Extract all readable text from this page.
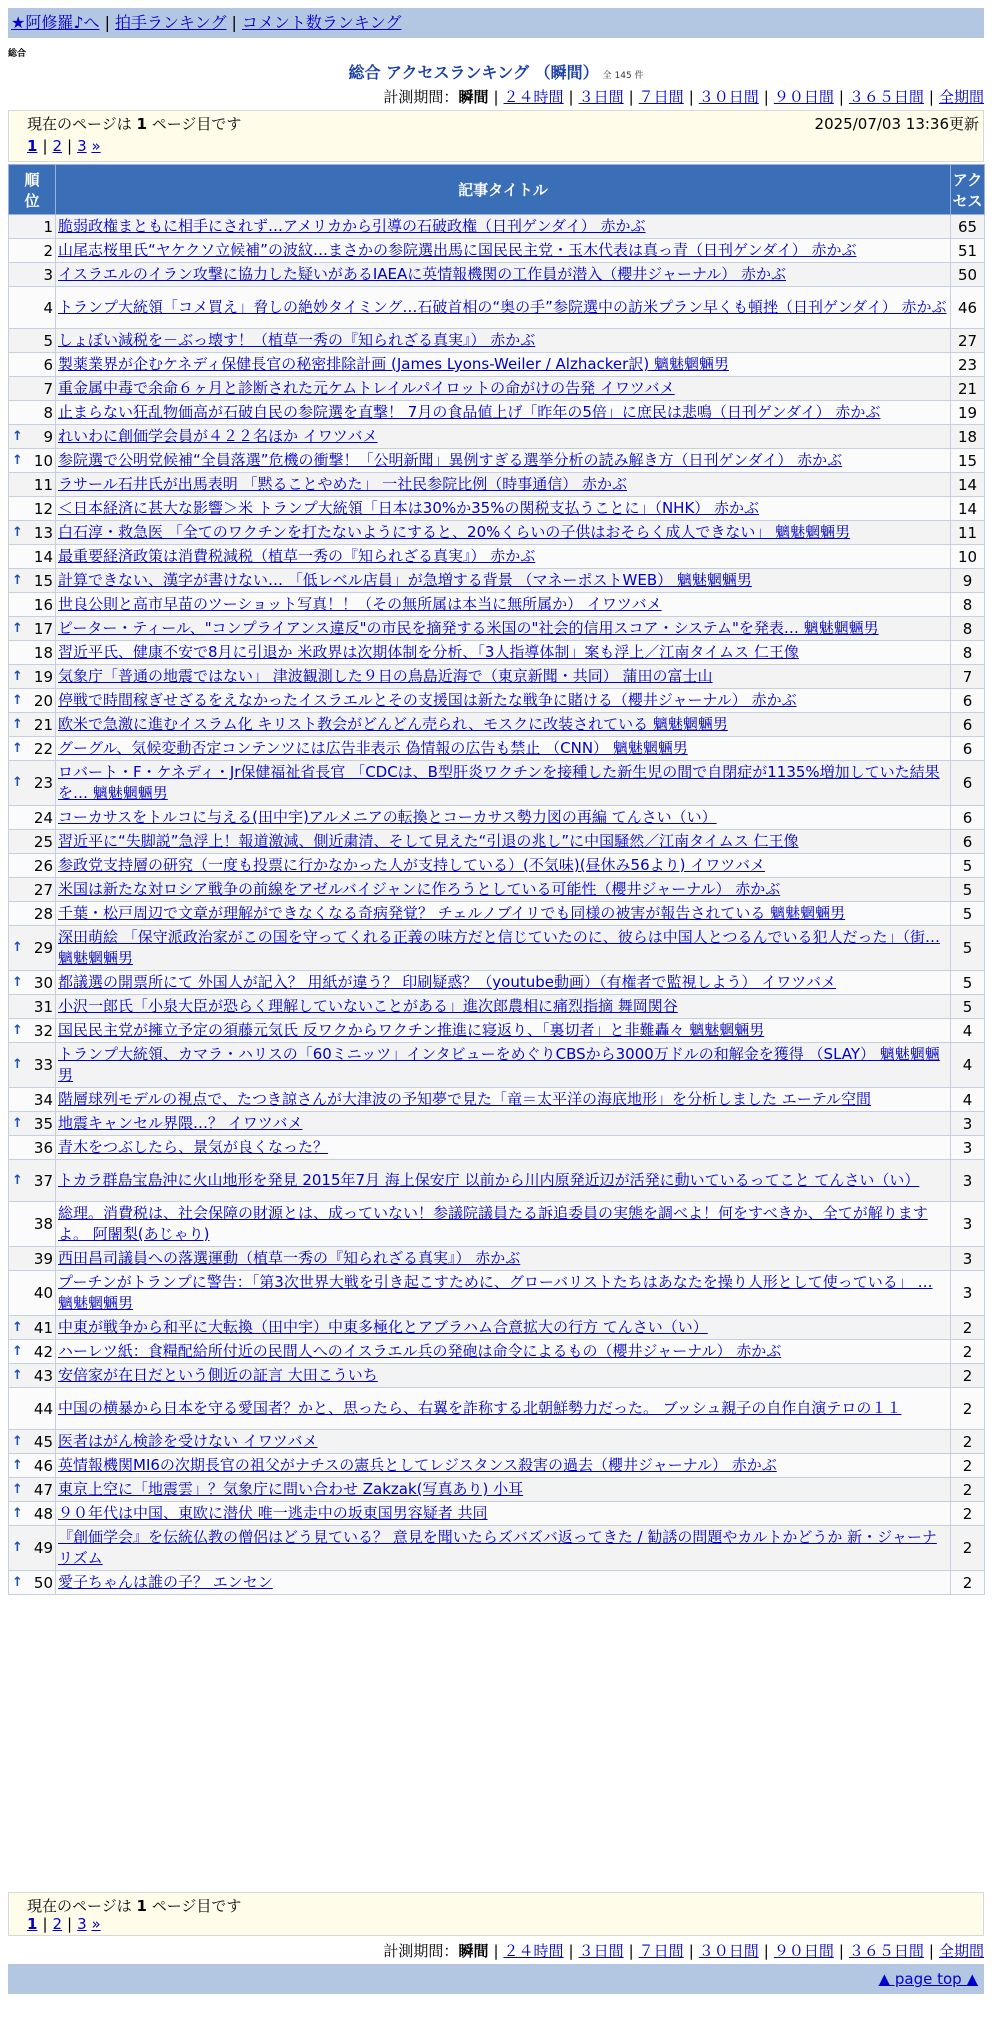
★阿修羅♪へ | 拍手ランキング | コメント数ランキング
総合
総合 アクセスランキング （瞬間） 全 145 件
計測期間：瞬間 | ２４時間 | ３日間 | ７日間 | ３０日間 | ９０日間 | ３６５日間 | 全期間
現在のページは 1 ページ目です	2025/07/03 13:36更新
1 | 2 | 3 »
順
位	記事タイトル	アク
セス
1	脆弱政権まともに相手にされず…アメリカから引導の石破政権（日刊ゲンダイ） 赤かぶ	65
2	山尾志桜里氏“ヤケクソ立候補”の波紋…まさかの参院選出馬に国民民主党・玉木代表は真っ青（日刊ゲンダイ） 赤かぶ	51
3	イスラエルのイラン攻撃に協力した疑いがあるIAEAに英情報機関の工作員が潜入（櫻井ジャーナル） 赤かぶ	50
4	トランプ大統領「コメ買え」脅しの絶妙タイミング…石破首相の“奥の手”参院選中の訪米プラン早くも頓挫（日刊ゲンダイ） 赤かぶ	46
5	しょぼい減税を－ぶっ壊す！（植草一秀の『知られざる真実』） 赤かぶ	27
6	製薬業界が企むケネディ保健長官の秘密排除計画 (James Lyons-Weiler / Alzhacker訳) 魑魅魍魎男	23
7	重金属中毒で余命６ヶ月と診断された元ケムトレイルパイロットの命がけの告発 イワツバメ	21
8	止まらない狂乱物価高が石破自民の参院選を直撃！ 7月の食品値上げ「昨年の5倍」に庶民は悲鳴（日刊ゲンダイ） 赤かぶ	19

↑ 9	れいわに創価学会員が４２２名ほか イワツバメ	18

↑ 10	参院選で公明党候補“全員落選”危機の衝撃！「公明新聞」異例すぎる選挙分析の読み解き方（日刊ゲンダイ） 赤かぶ	15
11	ラサール石井氏が出馬表明 「黙ることやめた」 一社民参院比例（時事通信） 赤かぶ	14
12	＜日本経済に甚大な影響＞米 トランプ大統領「日本は30%か35%の関税支払うことに」（NHK） 赤かぶ	14

↑ 13	白石淳・救急医 「全てのワクチンを打たないようにすると、20%くらいの子供はおそらく成人できない」 魑魅魍魎男	11
14	最重要経済政策は消費税減税（植草一秀の『知られざる真実』） 赤かぶ	10

↑ 15	計算できない、漢字が書けない… 「低レベル店員」が急増する背景 （マネーポストWEB） 魑魅魍魎男	9
16	世良公則と高市早苗のツーショット写真！！（その無所属は本当に無所属か） イワツバメ	8

↑ 17	ピーター・ティール、"コンプライアンス違反"の市民を摘発する米国の"社会的信用スコア・システム"を発表… 魑魅魍魎男	8
18	習近平氏、健康不安で8月に引退か 米政界は次期体制を分析、「3人指導体制」案も浮上／江南タイムス 仁王像	8

↑ 19	気象庁「普通の地震ではない」 津波観測した９日の鳥島近海で（東京新聞・共同） 蒲田の富士山	7

↑ 20	停戦で時間稼ぎせざるをえなかったイスラエルとその支援国は新たな戦争に賭ける（櫻井ジャーナル） 赤かぶ	6

↑ 21	欧米で急激に進むイスラム化 キリスト教会がどんどん売られ、モスクに改装されている 魑魅魍魎男	6

↑ 22	グーグル、気候変動否定コンテンツには広告非表示 偽情報の広告も禁止 （CNN） 魑魅魍魎男	6

↑ 23	ロバート・F・ケネディ・Jr保健福祉省長官 「CDCは、B型肝炎ワクチンを接種した新生児の間で自閉症が1135%増加していた結果を… 魑魅魍魎男	6
24	コーカサスをトルコに与える(田中宇)アルメニアの転換とコーカサス勢力図の再編 てんさい（い）	6
25	習近平に“失脚説”急浮上！報道激減、側近粛清、そして見えた“引退の兆し”に中国騒然／江南タイムス 仁王像	6
26	参政党支持層の研究（一度も投票に行かなかった人が支持している）(不気味)(昼休み56より) イワツバメ	5
27	米国は新たな対ロシア戦争の前線をアゼルバイジャンに作ろうとしている可能性（櫻井ジャーナル） 赤かぶ	5
28	千葉・松戸周辺で文章が理解ができなくなる奇病発覚？ チェルノブイリでも同様の被害が報告されている 魑魅魍魎男	5

↑ 29	深田萌絵 「保守派政治家がこの国を守ってくれる正義の味方だと信じていたのに、彼らは中国人とつるんでいる犯人だった」（街… 魑魅魍魎男	5

↑ 30	都議選の開票所にて 外国人が記入？ 用紙が違う？ 印刷疑惑？（youtube動画）（有権者で監視しよう） イワツバメ	5
31	小沢一郎氏「小泉大臣が恐らく理解していないことがある」進次郎農相に痛烈指摘 舞岡関谷	5

↑ 32	国民民主党が擁立予定の須藤元気氏 反ワクからワクチン推進に寝返り、「裏切者」と非難轟々 魑魅魍魎男	4

↑ 33	トランプ大統領、カマラ・ハリスの「60ミニッツ」インタビューをめぐりCBSから3000万ドルの和解金を獲得 （SLAY） 魑魅魍魎男	4
34	階層球列モデルの視点で、たつき諒さんが大津波の予知夢で見た「竜＝太平洋の海底地形」を分析しました エーテル空間	4

↑ 35	地震キャンセル界隈…？ イワツバメ	3
36	青木をつぶしたら、景気が良くなった？	3

↑ 37	トカラ群島宝島沖に火山地形を発見 2015年7月 海上保安庁 以前から川内原発近辺が活発に動いているってこと てんさい（い）	3
38	総理。消費税は、社会保障の財源とは、成っていない！参議院議員たる訴追委員の実態を調べよ！何をすべきか、全てが解りますよ。 阿闍梨(あじゃり)	3
39	西田昌司議員への落選運動（植草一秀の『知られざる真実』） 赤かぶ	3
40	プーチンがトランプに警告：「第3次世界大戦を引き起こすために、グローバリストたちはあなたを操り人形として使っている」 … 魑魅魍魎男	3

↑ 41	中東が戦争から和平に大転換（田中宇）中東多極化とアブラハム合意拡大の行方 てんさい（い）	2

↑ 42	ハーレツ紙：食糧配給所付近の民間人へのイスラエル兵の発砲は命令によるもの（櫻井ジャーナル） 赤かぶ	2

↑ 43	安倍家が在日だという側近の証言 大田こういち	2
44	中国の横暴から日本を守る愛国者？かと、思ったら、右翼を詐称する北朝鮮勢力だった。 ブッシュ親子の自作自演テロの１１	2

↑ 45	医者はがん検診を受けない イワツバメ	2

↑ 46	英情報機関MI6の次期長官の祖父がナチスの憲兵としてレジスタンス殺害の過去（櫻井ジャーナル） 赤かぶ	2

↑ 47	東京上空に「地震雲」？気象庁に問い合わせ Zakzak(写真あり) 小耳	2

↑ 48	９０年代は中国、東欧に潜伏 唯一逃走中の坂東国男容疑者 共同	2

↑ 49	『創価学会』を伝統仏教の僧侶はどう見ている？ 意見を聞いたらズバズバ返ってきた / 勧誘の問題やカルトかどうか 新・ジャーナリズム	2

↑ 50	愛子ちゃんは誰の子？ エンセン	2
現在のページは 1 ページ目です
1 | 2 | 3 »
計測期間：瞬間 | ２４時間 | ３日間 | ７日間 | ３０日間 | ９０日間 | ３６５日間 | 全期間
▲ page top ▲
